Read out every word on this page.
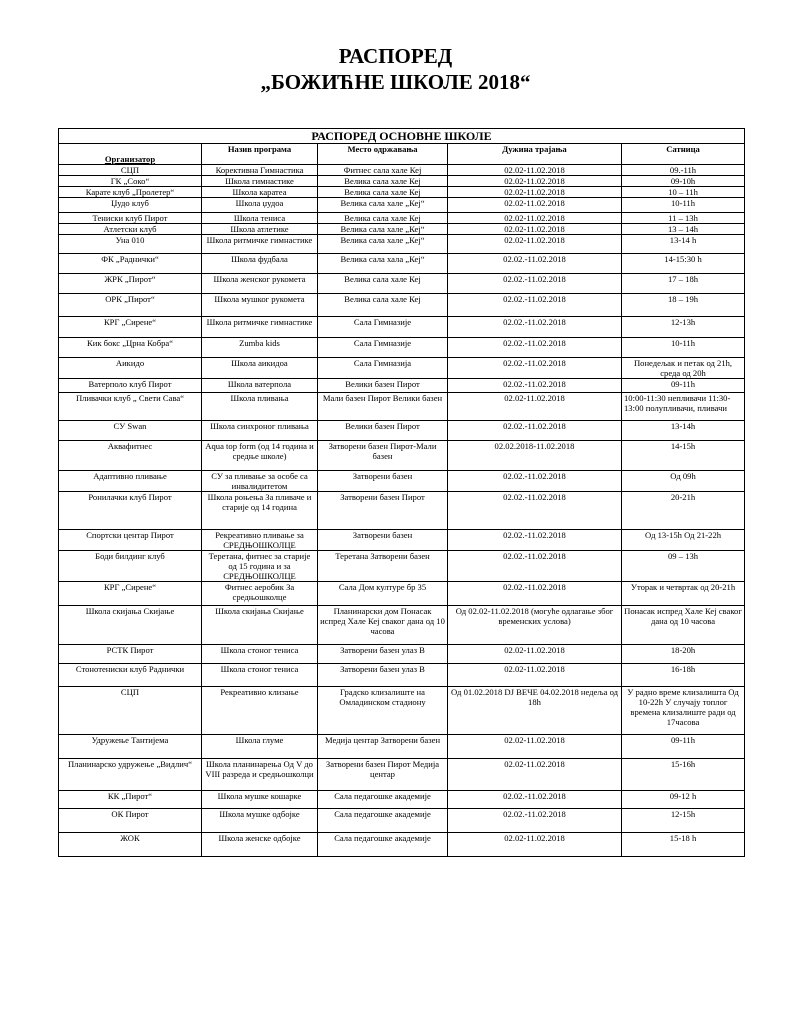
РАСПОРЕД
„БОЖИЋНЕ ШКОЛЕ 2018“
РАСПОРЕД ОСНОВНЕ ШКОЛЕ				
Организатор	Назив програма	Место одржавања	Дужина трајања	Сатница
СЦП	Корективна Гимнастика	Фитнес сала хале Кеј	02.02-11.02.2018	09.-11h
ГК „Соко“	Школа гимнастике	Велика сала хале Кеј	02.02-11.02.2018	09-10h
Карате клуб „Пролетер“	Школа каратеа	Велика сала хале Кеј	02.02-11.02.2018	10 – 11h
Џудо клуб	Школа џудоа	Велика сала хале „Кеј“	02.02-11.02.2018	10-11h
Тениски клуб Пирот	Школа тениса	Велика сала хале Кеј	02.02-11.02.2018	11 – 13h
Атлетски клуб	Школа атлетике	Велика сала хале „Кеј“	02.02-11.02.2018	13 – 14h
Уна 010	Школа ритмичке гимнастике	Велика сала хале „Кеј“	02.02-11.02.2018	13-14 h
ФК „Раднички“	Школа фудбала	Велика сала хала „Кеј“	02.02.-11.02.2018	14-15:30 h
ЖРК „Пирот“	Школа женског рукомета	Велика сала хале Кеј	02.02.-11.02.2018	17 – 18h
ОРК „Пирот“	Школа мушког рукомета	Велика сала хале Кеј	02.02.-11.02.2018	18 – 19h
КРГ „Сирене“	Школа ритмичке гимнастике	Сала Гимназије	02.02.-11.02.2018	12-13h
Кик бокс „Црна Кобра“	Zumba kids	Сала Гимназије	02.02.-11.02.2018	10-11h
Аикидо	Школа аикидоа	Сала Гимназија	02.02.-11.02.2018	Понедељак и петак од 21h, среда од 20h
Ватерполо клуб Пирот	Школа ватерпола	Велики базен Пирот	02.02.-11.02.2018	09-11h
Пливачки клуб „ Свети Сава“	Школа пливања	Мали базен Пирот Велики базен	02.02-11.02.2018	10:00-11:30 непливачи 11:30-13:00 полупливачи, пливачи
СУ Swan	Школа синхроног пливања	Велики базен Пирот	02.02.-11.02.2018	13-14h
Аквафитнес	Aqua top form (од 14 година и средње школе)	Затворени базен Пирот-Мали базен	02.02.2018-11.02.2018	14-15h
Адаптивно пливање	СУ за пливање за особе са инвалидитетом	Затворени базен	02.02.-11.02.2018	Од 09h
Ронилачки клуб Пирот	Школа роњења За пливаче и старије од 14 година	Затворени базен Пирот	02.02.-11.02.2018	20-21h
Спортски центар Пирот	Рекреативно пливање за СРЕДЊОШКОЛЦЕ	Затворени базен	02.02.-11.02.2018	Од 13-15h Од 21-22h
Боди билдинг клуб	Теретана, фитнес за старије од 15 година и за СРЕДЊОШКОЛЦЕ	Теретана Затворени базен	02.02.-11.02.2018	09 – 13h
КРГ „Сирене“	Фитнес аеробик За средњошколце	Сала Дом културе бр 35	02.02.-11.02.2018	Уторак и четвртак од 20-21h
Школа скијања Скијање	Школа скијања Скијање	Планинарски дом Понасак испред Хале Кеј сваког дана од 10 часова	Од 02.02-11.02.2018 (могуће одлагање због временских услова)	Понасак испред Хале Кеј сваког дана од 10 часова
РСТК Пирот	Школа стоног тениса	Затворени базен улаз В	02.02-11.02.2018	18-20h
Стонотениски клуб Раднички	Школа стоног тениса	Затворени базен улаз В	02.02-11.02.2018	16-18h
СЦП	Рекреативно клизање	Градско клизалиште на Омладинском стадиону	Од 01.02.2018 DJ ВЕЧЕ 04.02.2018 недеља од 18h	У радно време клизалишта Од 10-22h У случају топлог времена клизалиште ради од 17часова
Удружење Тантијема	Школа глуме	Медија центар Затворени базен	02.02-11.02.2018	09-11h
Планинарско удружење „Видлич“	Школа планинарења Од V до VIII разреда и средњошколци	Затворени базен Пирот Медија центар	02.02-11.02.2018	15-16h
КК „Пирот“	Школа мушке кошарке	Сала педагошке академије	02.02.-11.02.2018	09-12 h
ОК Пирот	Школа мушке одбојке	Сала педагошке академије	02.02.-11.02.2018	12-15h
ЖОК	Школа женске одбојке	Сала педагошке академије	02.02-11.02.2018	15-18 h
